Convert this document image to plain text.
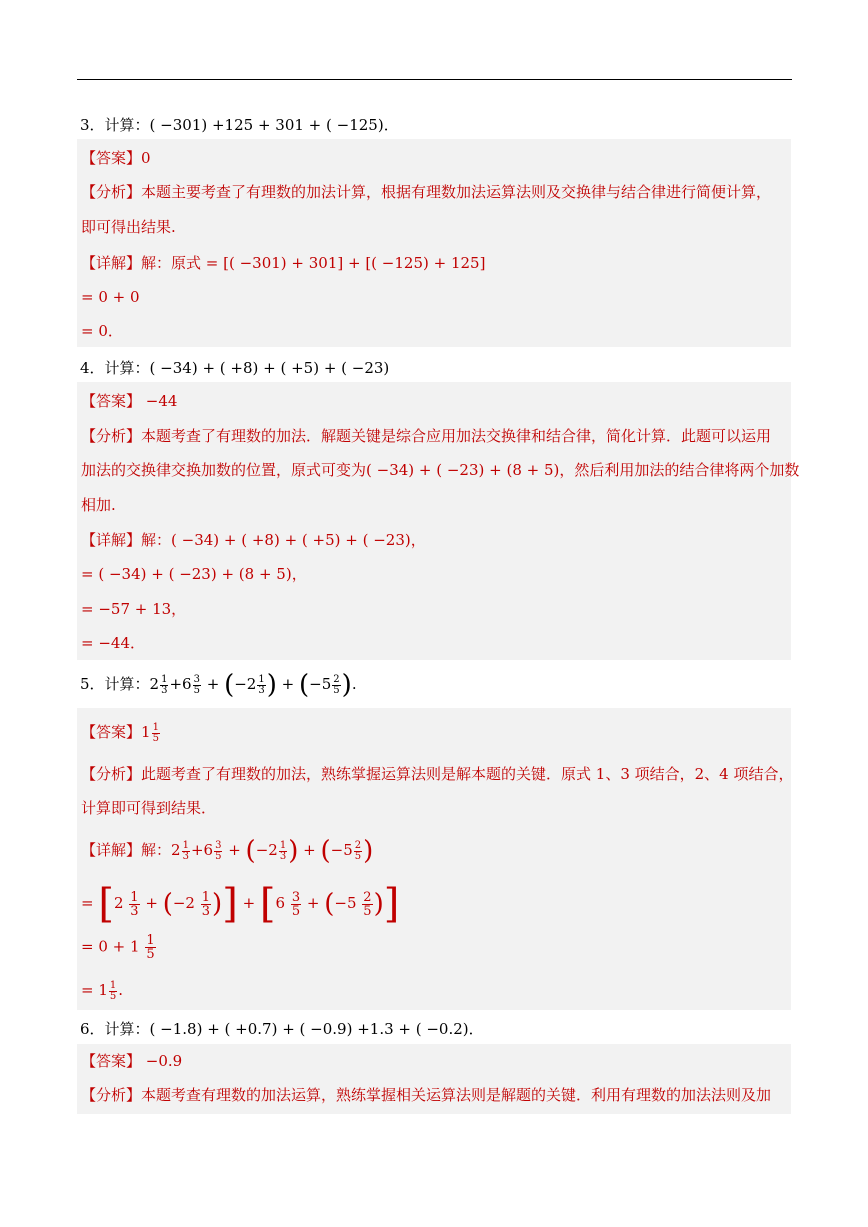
3．计算：( −301) +125 + 301 + ( −125)．
【答案】0
【分析】本题主要考查了有理数的加法计算，根据有理数加法运算法则及交换律与结合律进行简便计算，
即可得出结果.
【详解】解：原式 = [( −301) + 301] + [( −125) + 125]
= 0 + 0
= 0．
4．计算：( −34) + ( +8) + ( +5) + ( −23)
【答案】 −44
【分析】本题考查了有理数的加法．解题关键是综合应用加法交换律和结合律，简化计算．此题可以运用
加法的交换律交换加数的位置，原式可变为( −34) + ( −23) + (8 + 5)，然后利用加法的结合律将两个加数
相加.
【详解】解：( −34) + ( +8) + ( +5) + ( −23)，
= ( −34) + ( −23) + (8 + 5)，
= −57 + 13，
= −44．
5．计算：$2 \frac{1}{3} +6 \frac{3}{5} + (-2 \frac{1}{3}$ ) + ($-5 \frac{2}{5}$ ).
【答案】$1 \frac{1}{5}$
【分析】此题考查了有理数的加法，熟练掌握运算法则是解本题的关键．原式 1、3 项结合，2、4 项结合，
计算即可得到结果．
【详解】解：$2 \frac{1}{3} +6 \frac{3}{5} + (-2 \frac{1}{3}$ ) + ($-5 \frac{2}{5}$ )
= [$2 \frac{1}{3} + (-2 \frac{1}{3}$ )] + [$6 \frac{3}{5} + (-5 \frac{2}{5}$ )]
= $0 + 1 \frac{1}{5}$
= $1 \frac{1}{5}$ .
6．计算：( −1.8) + ( +0.7) + ( −0.9) +1.3 + ( −0.2)．
【答案】 −0.9
【分析】本题考查有理数的加法运算，熟练掌握相关运算法则是解题的关键．利用有理数的加法法则及加
